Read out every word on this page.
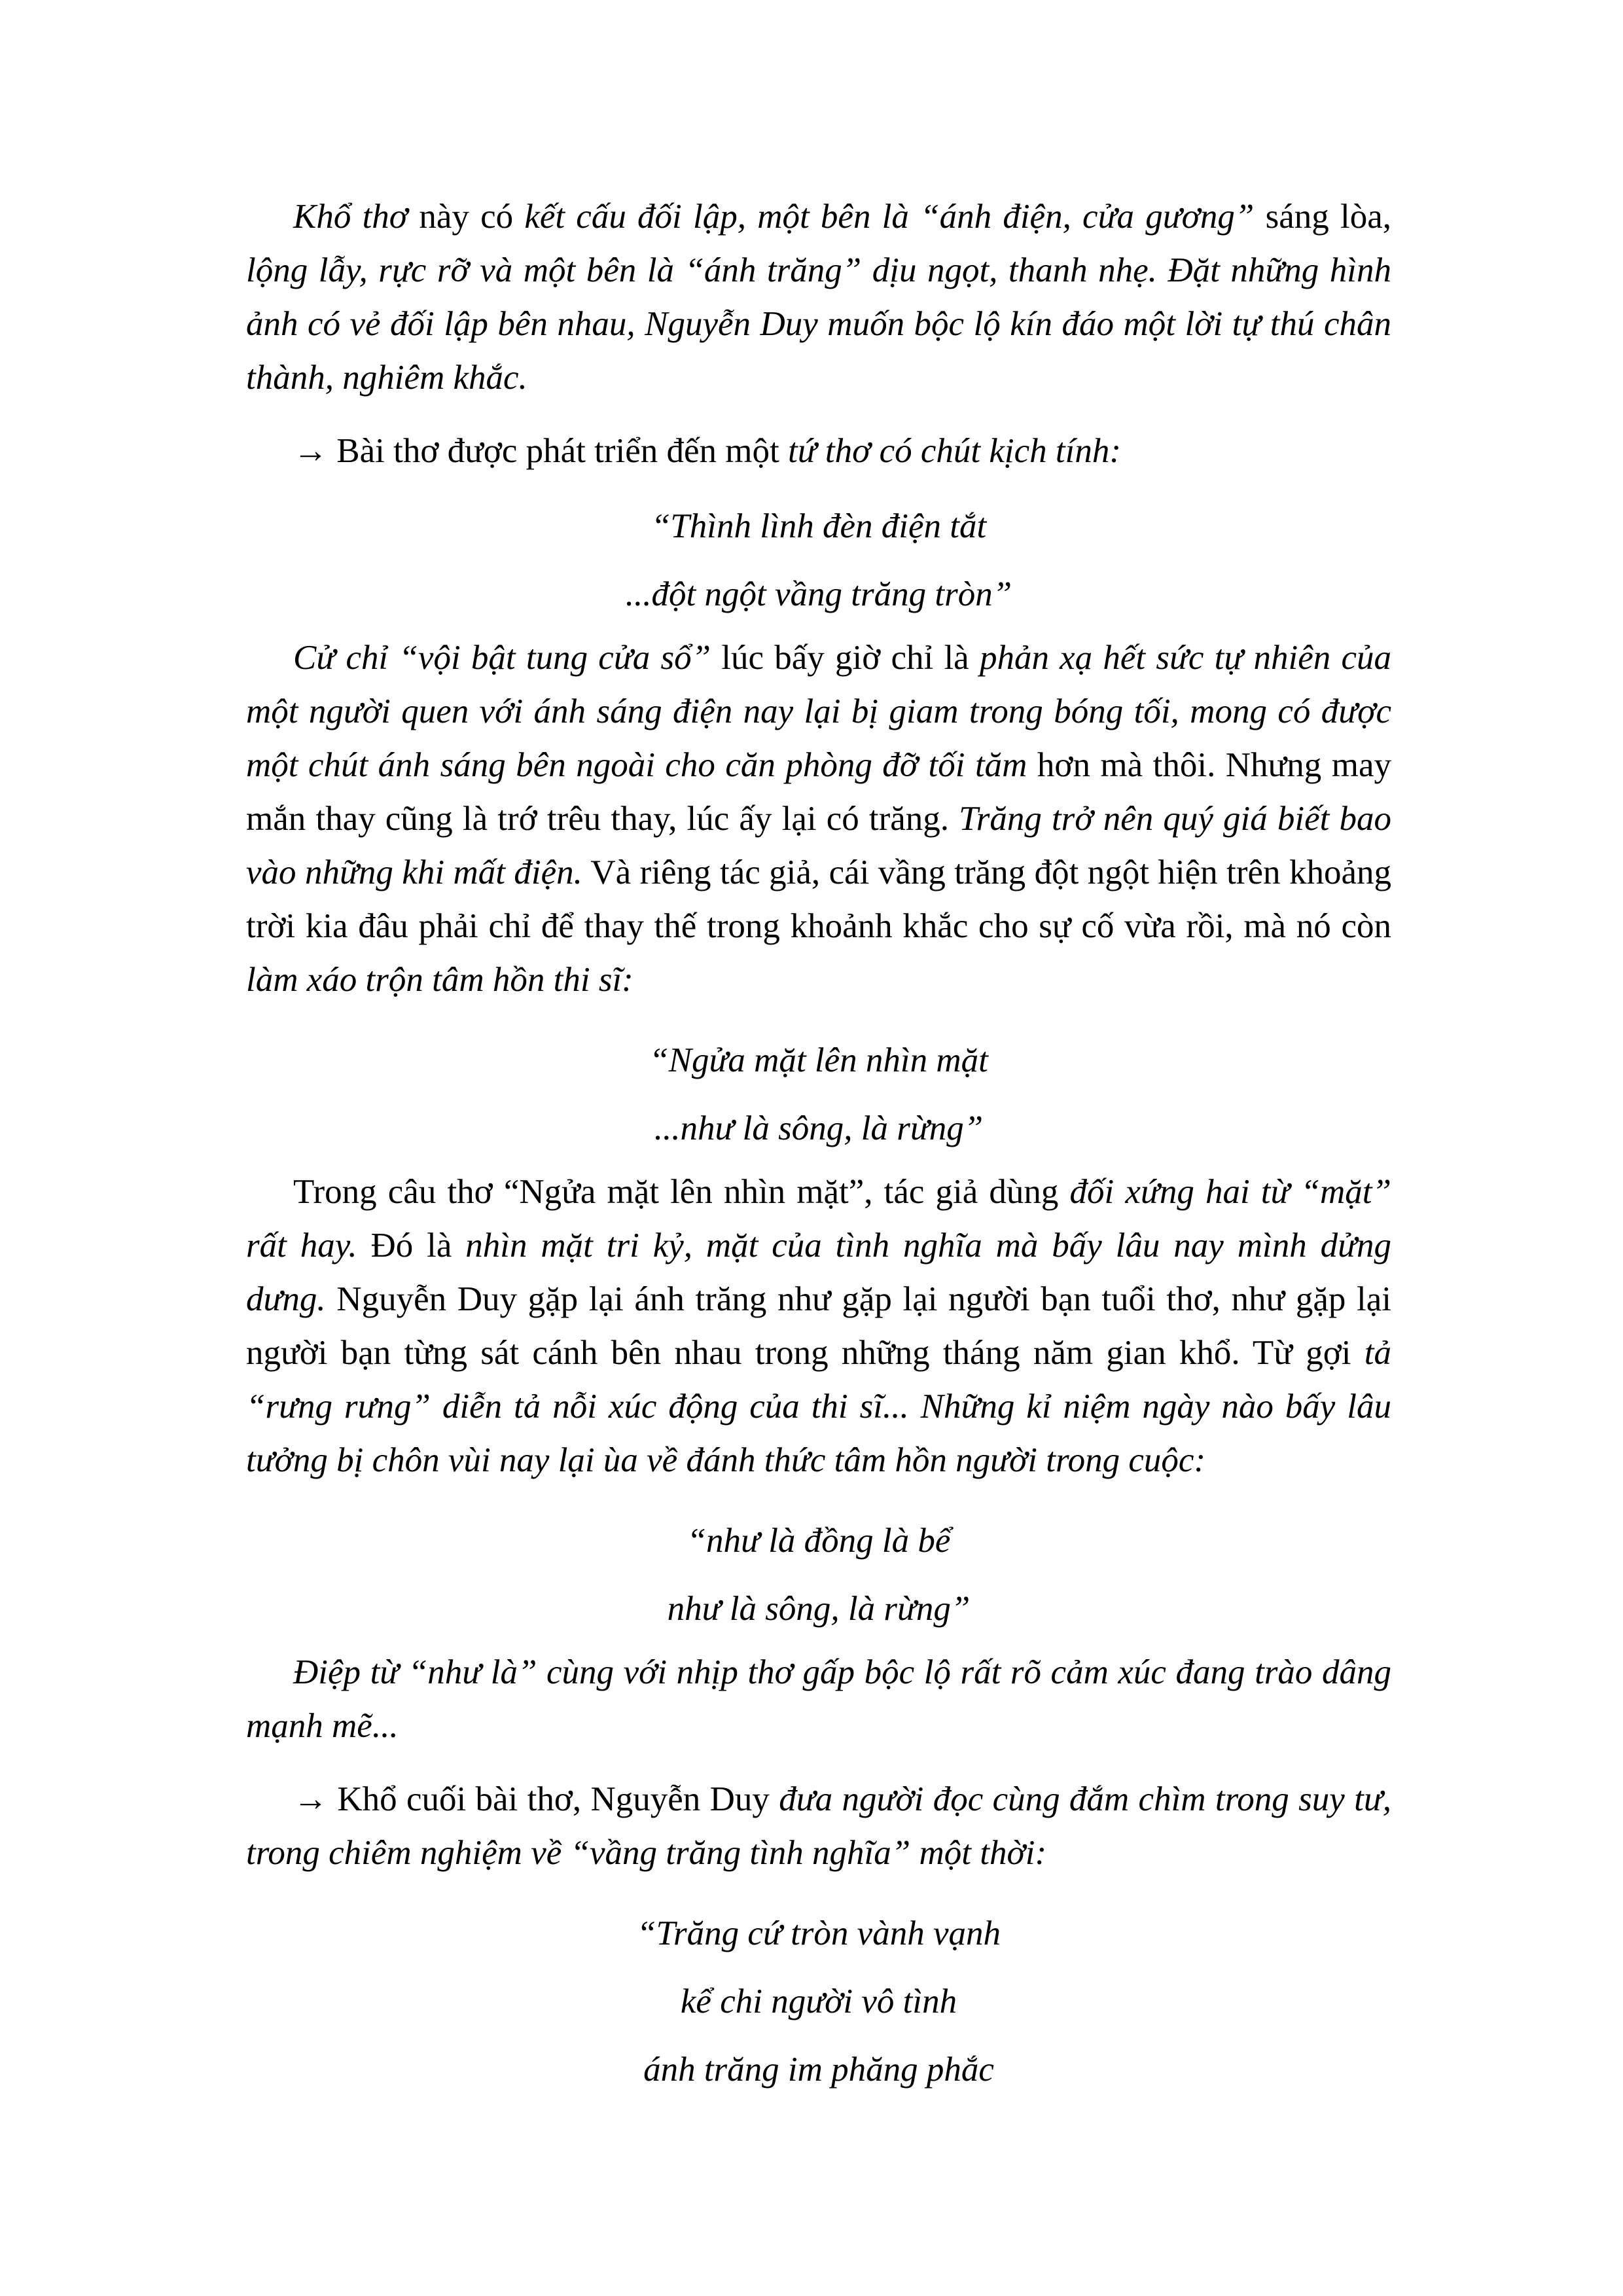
Khổ thơ này có kết cấu đối lập, một bên là “ánh điện, cửa gương” sáng lòa, lộng lẫy, rực rỡ và một bên là “ánh trăng” dịu ngọt, thanh nhẹ. Đặt những hình ảnh có vẻ đối lập bên nhau, Nguyễn Duy muốn bộc lộ kín đáo một lời tự thú chân thành, nghiêm khắc.

→ Bài thơ được phát triển đến một tứ thơ có chút kịch tính:

“Thình lình đèn điện tắt

...đột ngột vầng trăng tròn”

Cử chỉ “vội bật tung cửa sổ” lúc bấy giờ chỉ là phản xạ hết sức tự nhiên của một người quen với ánh sáng điện nay lại bị giam trong bóng tối, mong có được một chút ánh sáng bên ngoài cho căn phòng đỡ tối tăm hơn mà thôi. Nhưng may mắn thay cũng là trớ trêu thay, lúc ấy lại có trăng. Trăng trở nên quý giá biết bao vào những khi mất điện. Và riêng tác giả, cái vầng trăng đột ngột hiện trên khoảng trời kia đâu phải chỉ để thay thế trong khoảnh khắc cho sự cố vừa rồi, mà nó còn làm xáo trộn tâm hồn thi sĩ:

“Ngửa mặt lên nhìn mặt

...như là sông, là rừng”

Trong câu thơ “Ngửa mặt lên nhìn mặt”, tác giả dùng đối xứng hai từ “mặt” rất hay. Đó là nhìn mặt tri kỷ, mặt của tình nghĩa mà bấy lâu nay mình dửng dưng. Nguyễn Duy gặp lại ánh trăng như gặp lại người bạn tuổi thơ, như gặp lại người bạn từng sát cánh bên nhau trong những tháng năm gian khổ. Từ gợi tả “rưng rưng” diễn tả nỗi xúc động của thi sĩ... Những kỉ niệm ngày nào bấy lâu tưởng bị chôn vùi nay lại ùa về đánh thức tâm hồn người trong cuộc:

“như là đồng là bể

như là sông, là rừng”

Điệp từ “như là” cùng với nhịp thơ gấp bộc lộ rất rõ cảm xúc đang trào dâng mạnh mẽ...

→ Khổ cuối bài thơ, Nguyễn Duy đưa người đọc cùng đắm chìm trong suy tư, trong chiêm nghiệm về “vầng trăng tình nghĩa” một thời:

“Trăng cứ tròn vành vạnh

kể chi người vô tình

ánh trăng im phăng phắc
